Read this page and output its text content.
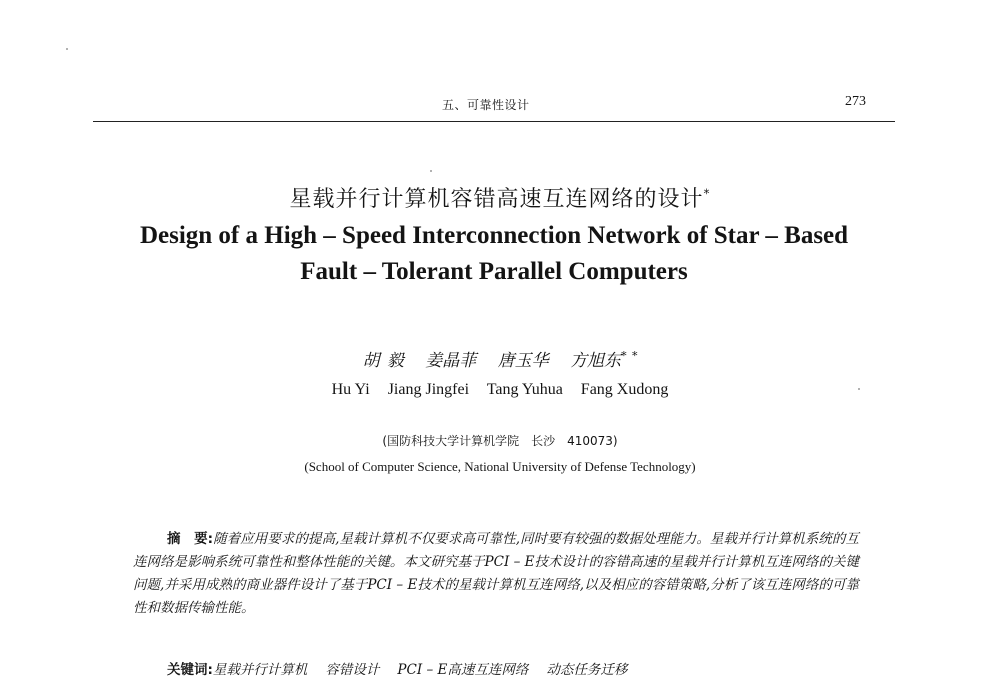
五、可靠性设计	273
星载并行计算机容错高速互连网络的设计*
Design of a High – Speed Interconnection Network of Star – Based
Fault – Tolerant Parallel Computers
胡 毅 姜晶菲 唐玉华 方旭东* *
Hu Yi Jiang Jingfei Tang Yuhua Fang Xudong
(国防科技大学计算机学院　长沙　410073)
(School of Computer Science, National University of Defense Technology)
摘　要:随着应用要求的提高,星载计算机不仅要求高可靠性,同时要有较强的数据处理能力。星载并行计算机系统的互连网络是影响系统可靠性和整体性能的关键。本文研究基于PCI – E技术设计的容错高速的星载并行计算机互连网络的关键问题,并采用成熟的商业器件设计了基于PCI – E技术的星载计算机互连网络,以及相应的容错策略,分析了该互连网络的可靠性和数据传输性能。
关键词:星载并行计算机 容错设计 PCI – E高速互连网络 动态任务迁移
